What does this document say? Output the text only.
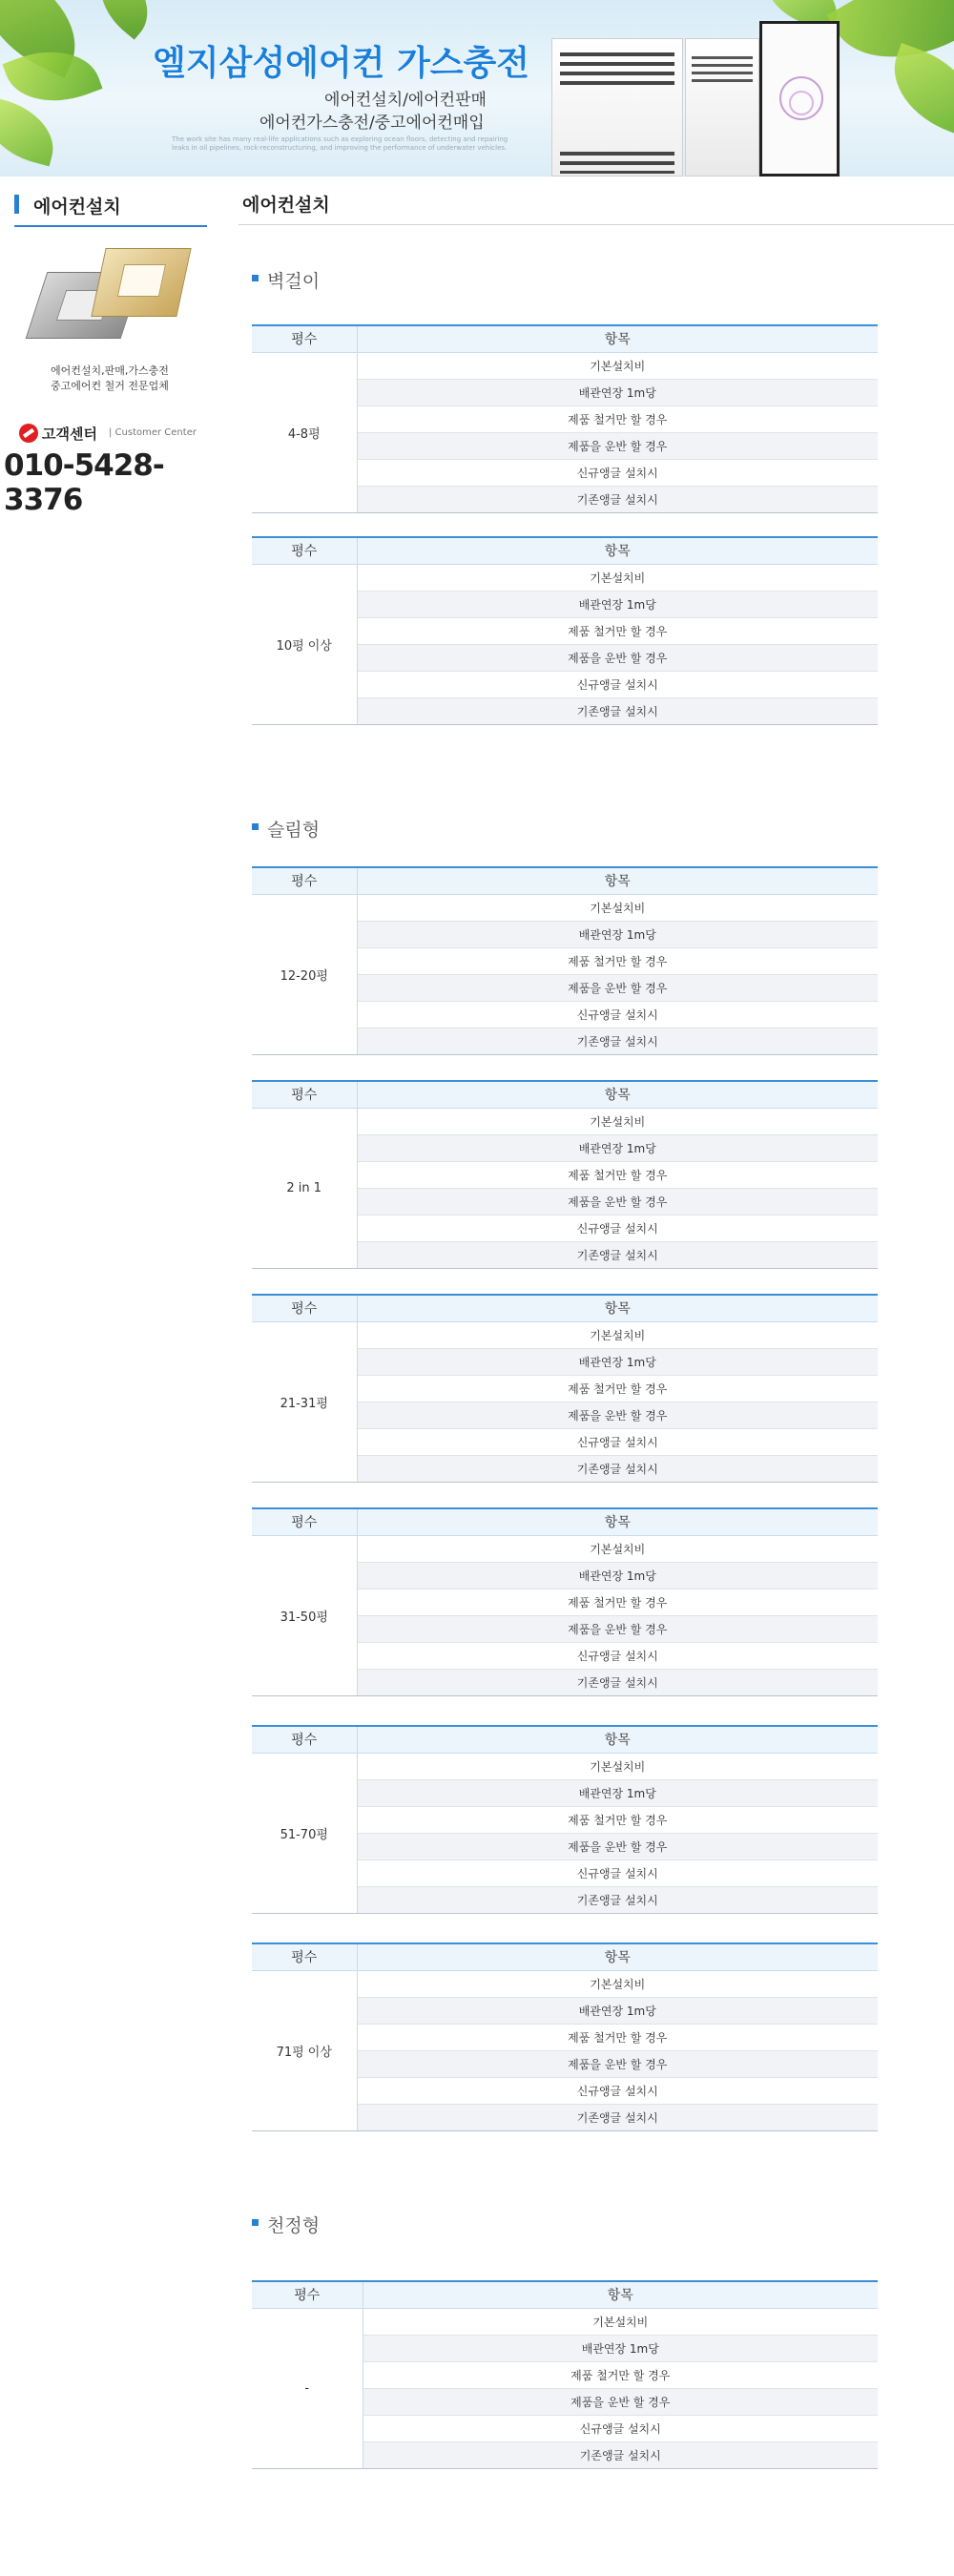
엘지삼성에어컨 가스충전
에어컨설치/에어컨판매
에어컨가스충전/중고에어컨매입
The work site has many real-life applications such as exploring ocean floors, detecting and repairing leaks in oil pipelines, rock-reconstructuring, and improving the performance of underwater vehicles.
에어컨설치
에어컨설치,판매,가스충전
중고에어컨 철거 전문업체
고객센터 | Customer Center
010-5428-3376
에어컨설치
벽걸이
평수	항목
4-8평	기본설치비
	배관연장 1m당
	제품 철거만 할 경우
	제품을 운반 할 경우
	신규앵글 설치시
	기존앵글 설치시
평수	항목
10평 이상	기본설치비
	배관연장 1m당
	제품 철거만 할 경우
	제품을 운반 할 경우
	신규앵글 설치시
	기존앵글 설치시
슬림형
평수	항목
12-20평	기본설치비
	배관연장 1m당
	제품 철거만 할 경우
	제품을 운반 할 경우
	신규앵글 설치시
	기존앵글 설치시
평수	항목
2 in 1	기본설치비
	배관연장 1m당
	제품 철거만 할 경우
	제품을 운반 할 경우
	신규앵글 설치시
	기존앵글 설치시
평수	항목
21-31평	기본설치비
	배관연장 1m당
	제품 철거만 할 경우
	제품을 운반 할 경우
	신규앵글 설치시
	기존앵글 설치시
평수	항목
31-50평	기본설치비
	배관연장 1m당
	제품 철거만 할 경우
	제품을 운반 할 경우
	신규앵글 설치시
	기존앵글 설치시
평수	항목
51-70평	기본설치비
	배관연장 1m당
	제품 철거만 할 경우
	제품을 운반 할 경우
	신규앵글 설치시
	기존앵글 설치시
평수	항목
71평 이상	기본설치비
	배관연장 1m당
	제품 철거만 할 경우
	제품을 운반 할 경우
	신규앵글 설치시
	기존앵글 설치시
천정형
평수	항목
-	기본설치비
	배관연장 1m당
	제품 철거만 할 경우
	제품을 운반 할 경우
	신규앵글 설치시
	기존앵글 설치시
